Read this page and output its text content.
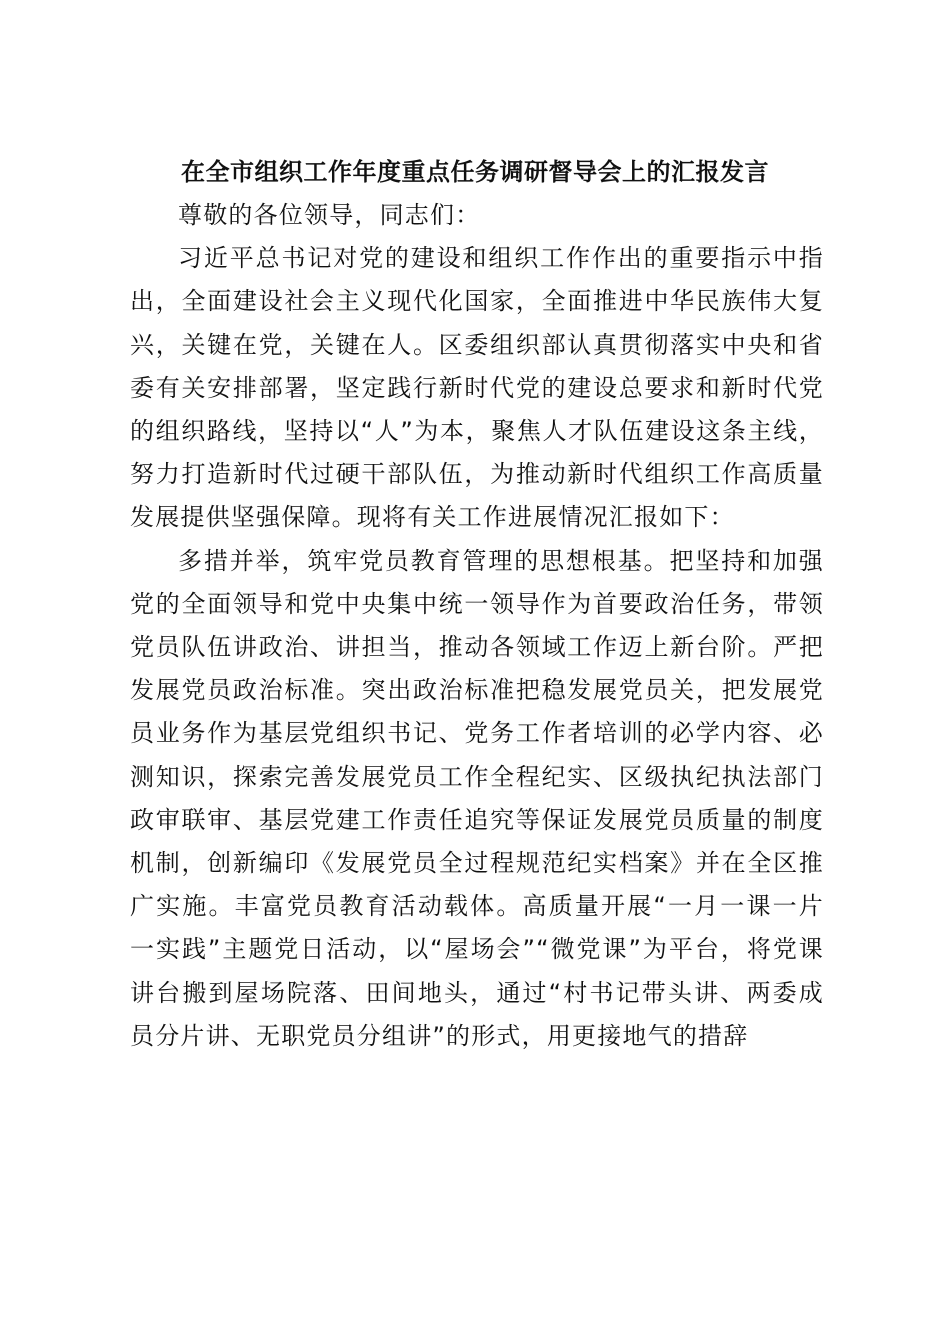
在全市组织工作年度重点任务调研督导会上的汇报发言

尊敬的各位领导，同志们：

习近平总书记对党的建设和组织工作作出的重要指示中指出，全面建设社会主义现代化国家，全面推进中华民族伟大复兴，关键在党，关键在人。区委组织部认真贯彻落实中央和省委有关安排部署，坚定践行新时代党的建设总要求和新时代党的组织路线，坚持以“人”为本，聚焦人才队伍建设这条主线，努力打造新时代过硬干部队伍，为推动新时代组织工作高质量发展提供坚强保障。现将有关工作进展情况汇报如下：

多措并举，筑牢党员教育管理的思想根基。把坚持和加强党的全面领导和党中央集中统一领导作为首要政治任务，带领党员队伍讲政治、讲担当，推动各领域工作迈上新台阶。严把发展党员政治标准。突出政治标准把稳发展党员关，把发展党员业务作为基层党组织书记、党务工作者培训的必学内容、必测知识，探索完善发展党员工作全程纪实、区级执纪执法部门政审联审、基层党建工作责任追究等保证发展党员质量的制度机制，创新编印《发展党员全过程规范纪实档案》并在全区推广实施。丰富党员教育活动载体。高质量开展“一月一课一片一实践”主题党日活动，以“屋场会”“微党课”为平台，将党课讲台搬到屋场院落、田间地头，通过“村书记带头讲、两委成员分片讲、无职党员分组讲”的形式，用更接地气的措辞
